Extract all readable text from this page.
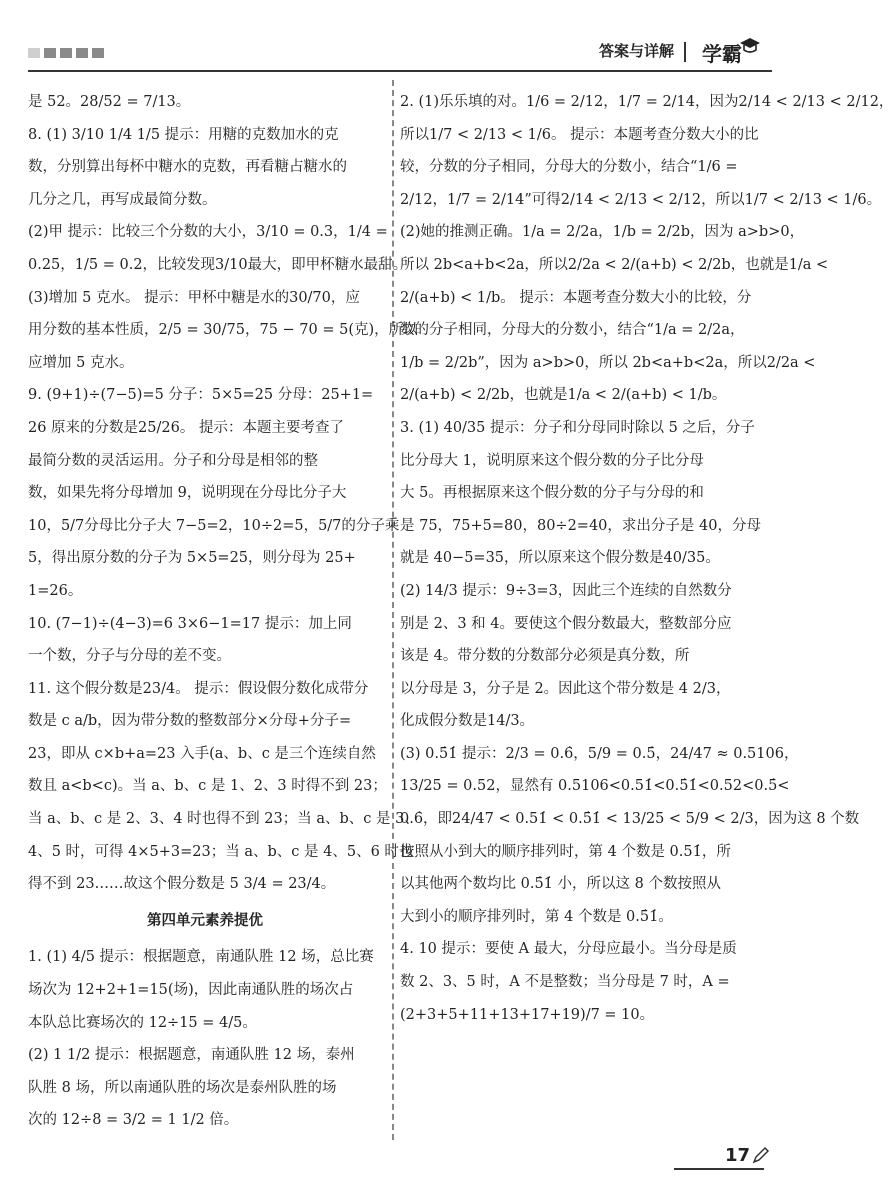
答案与详解 学霸

是 52。28/52 = 7/13。

8. (1) 3/10 1/4 1/5 提示：用糖的克数加水的克

数，分别算出每杯中糖水的克数，再看糖占糖水的

几分之几，再写成最简分数。

(2)甲 提示：比较三个分数的大小，3/10 = 0.3，1/4 =

0.25，1/5 = 0.2，比较发现3/10最大，即甲杯糖水最甜。

(3)增加 5 克水。 提示：甲杯中糖是水的30/70，应

用分数的基本性质，2/5 = 30/75，75 − 70 = 5(克)，所以

应增加 5 克水。

9. (9+1)÷(7−5)=5 分子：5×5=25 分母：25+1=

26 原来的分数是25/26。 提示：本题主要考查了

最简分数的灵活运用。分子和分母是相邻的整

数，如果先将分母增加 9，说明现在分母比分子大

10，5/7分母比分子大 7−5=2，10÷2=5，5/7的分子乘

5，得出原分数的分子为 5×5=25，则分母为 25+

1=26。

10. (7−1)÷(4−3)=6 3×6−1=17 提示：加上同

一个数，分子与分母的差不变。

11. 这个假分数是23/4。 提示：假设假分数化成带分

数是 c a/b，因为带分数的整数部分×分母+分子=

23，即从 c×b+a=23 入手(a、b、c 是三个连续自然

数且 a<b<c)。当 a、b、c 是 1、2、3 时得不到 23；

当 a、b、c 是 2、3、4 时也得不到 23；当 a、b、c 是 3、

4、5 时，可得 4×5+3=23；当 a、b、c 是 4、5、6 时也

得不到 23……故这个假分数是 5 3/4 = 23/4。

第四单元素养提优

1. (1) 4/5 提示：根据题意，南通队胜 12 场，总比赛

场次为 12+2+1=15(场)，因此南通队胜的场次占

本队总比赛场次的 12÷15 = 4/5。

(2) 1 1/2 提示：根据题意，南通队胜 12 场，泰州

队胜 8 场，所以南通队胜的场次是泰州队胜的场

次的 12÷8 = 3/2 = 1 1/2 倍。

2. (1)乐乐填的对。1/6 = 2/12，1/7 = 2/14，因为2/14 < 2/13 < 2/12，

所以1/7 < 2/13 < 1/6。 提示：本题考查分数大小的比

较，分数的分子相同，分母大的分数小，结合“1/6 =

2/12，1/7 = 2/14”可得2/14 < 2/13 < 2/12，所以1/7 < 2/13 < 1/6。

(2)她的推测正确。1/a = 2/2a，1/b = 2/2b，因为 a>b>0，

所以 2b<a+b<2a，所以2/2a < 2/(a+b) < 2/2b，也就是1/a <

2/(a+b) < 1/b。 提示：本题考查分数大小的比较，分

数的分子相同，分母大的分数小，结合“1/a = 2/2a，

1/b = 2/2b”，因为 a>b>0，所以 2b<a+b<2a，所以2/2a <

2/(a+b) < 2/2b，也就是1/a < 2/(a+b) < 1/b。

3. (1) 40/35 提示：分子和分母同时除以 5 之后，分子

比分母大 1，说明原来这个假分数的分子比分母

大 5。再根据原来这个假分数的分子与分母的和

是 75，75+5=80，80÷2=40，求出分子是 40，分母

就是 40−5=35，所以原来这个假分数是40/35。

(2) 14/3 提示：9÷3=3，因此三个连续的自然数分

别是 2、3 和 4。要使这个假分数最大，整数部分应

该是 4。带分数的分数部分必须是真分数，所

以分母是 3，分子是 2。因此这个带分数是 4 2/3，

化成假分数是14/3。

(3) 0.5̇1̇ 提示：2/3 = 0.6̇，5/9 = 0.5̇，24/47 ≈ 0.5106，

13/25 = 0.52，显然有 0.5106<0.51̇<0.5̇1̇<0.52<0.5̇<

0.6̇，即24/47 < 0.51̇ < 0.5̇1̇ < 13/25 < 5/9 < 2/3，因为这 8 个数

按照从小到大的顺序排列时，第 4 个数是 0.51̇，所

以其他两个数均比 0.5̇1̇ 小，所以这 8 个数按照从

大到小的顺序排列时，第 4 个数是 0.5̇1̇。

4. 10 提示：要使 A 最大，分母应最小。当分母是质

数 2、3、5 时，A 不是整数；当分母是 7 时，A =

(2+3+5+11+13+17+19)/7 = 10。

17
